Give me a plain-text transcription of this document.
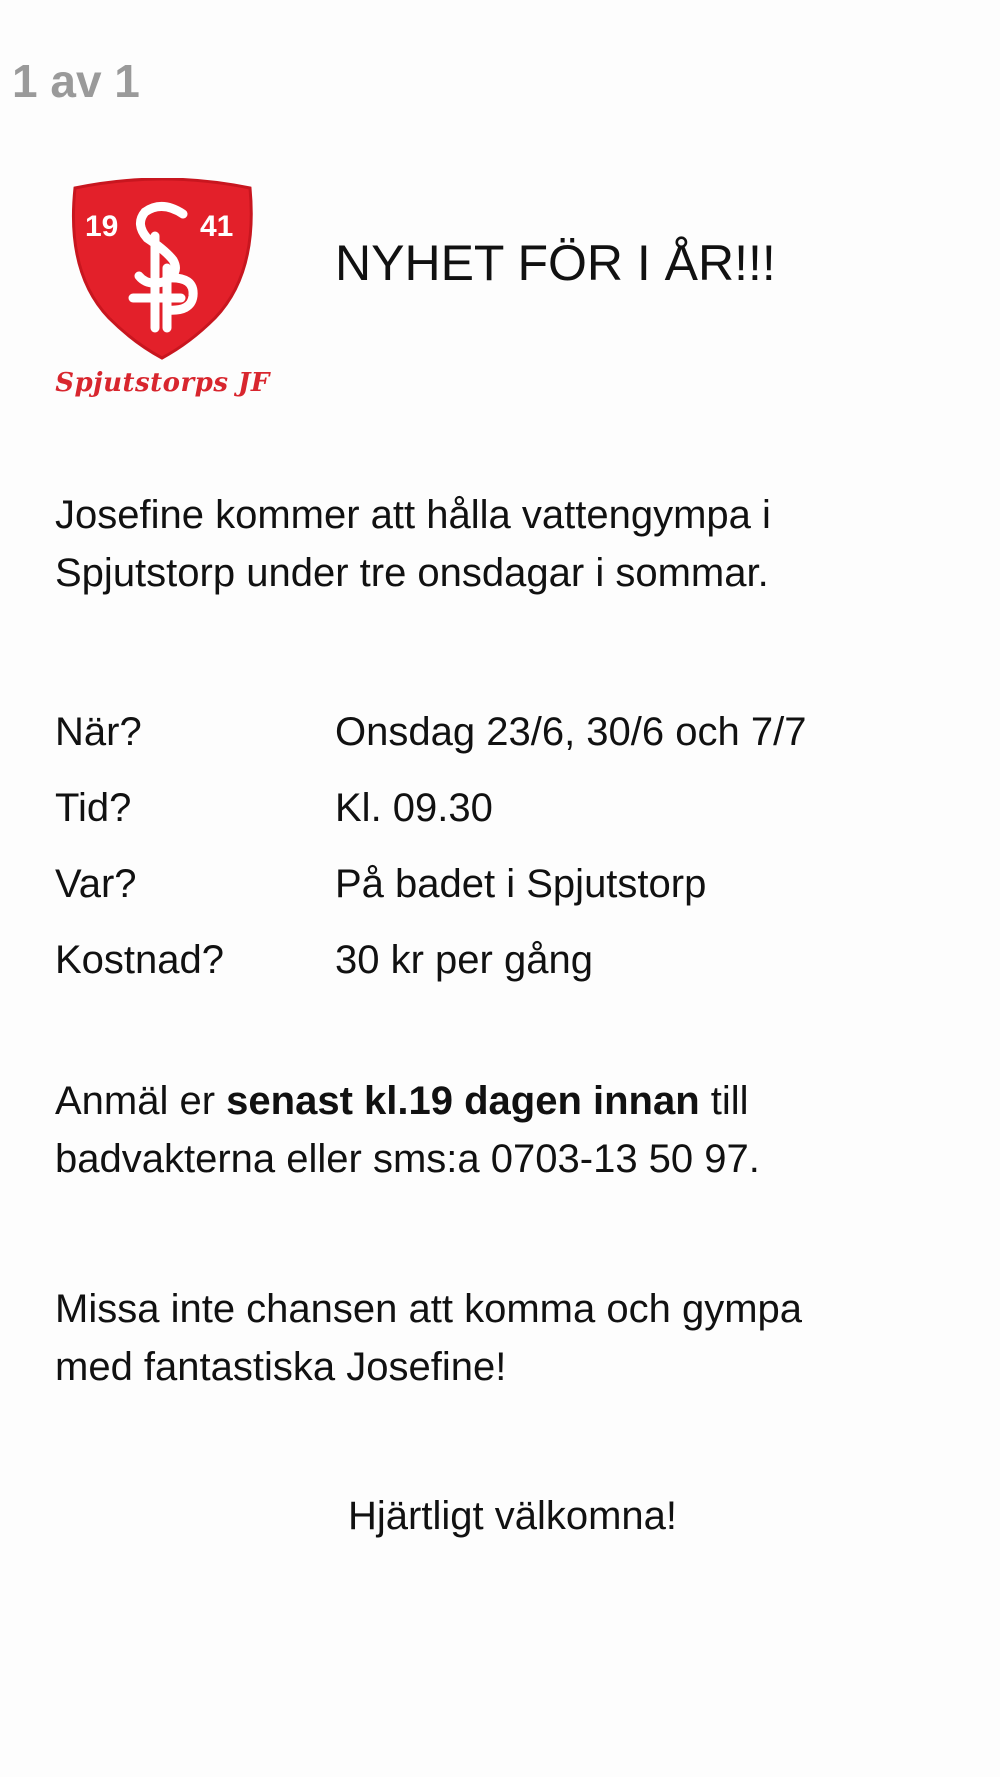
1 av 1
19	41
Spjutstorps JF
NYHET FÖR I ÅR!!!
Josefine kommer att hålla vattengympa i
Spjutstorp under tre onsdagar i sommar.
När?	Onsdag 23/6, 30/6 och 7/7
Tid?	Kl. 09.30
Var?	På badet i Spjutstorp
Kostnad?	30 kr per gång
Anmäl er senast kl.19 dagen innan till
badvakterna eller sms:a 0703-13 50 97.
Missa inte chansen att komma och gympa
med fantastiska Josefine!
Hjärtligt välkomna!
